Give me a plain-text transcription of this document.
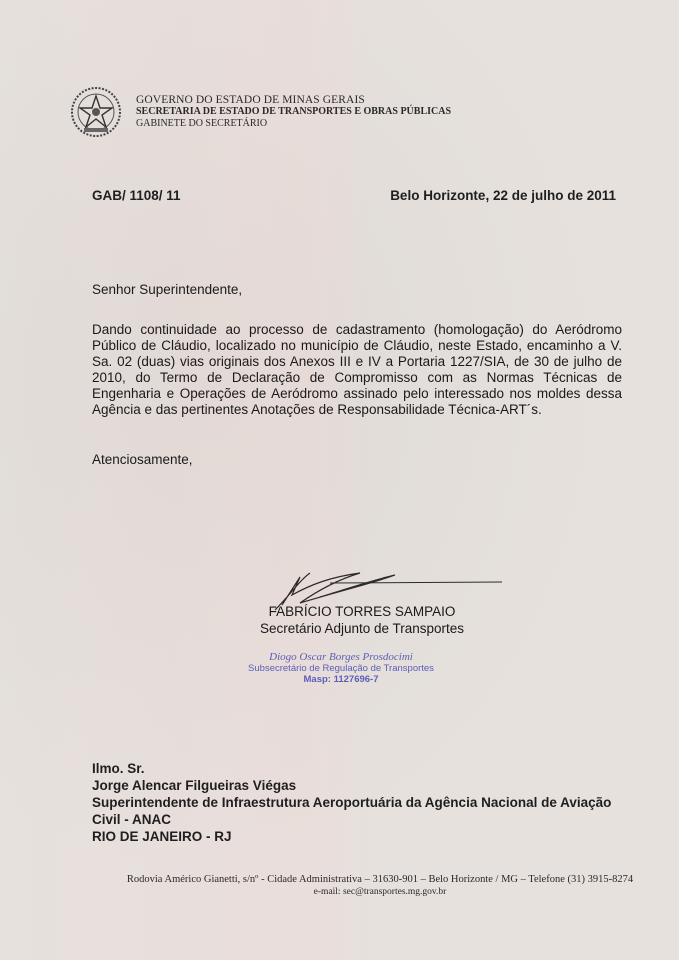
GOVERNO DO ESTADO DE MINAS GERAIS
SECRETARIA DE ESTADO DE TRANSPORTES E OBRAS PÚBLICAS
GABINETE DO SECRETÁRIO
GAB/ 1108/ 11	Belo Horizonte, 22 de julho de 2011
Senhor Superintendente,
Dando continuidade ao processo de cadastramento (homologação) do Aeródromo Público de Cláudio, localizado no município de Cláudio, neste Estado, encaminho a V. Sa. 02 (duas) vias originais dos Anexos III e IV a Portaria 1227/SIA, de 30 de julho de 2010, do Termo de Declaração de Compromisso com as Normas Técnicas de Engenharia e Operações de Aeródromo assinado pelo interessado nos moldes dessa Agência e das pertinentes Anotações de Responsabilidade Técnica-ART´s.
Atenciosamente,
FABRÍCIO TORRES SAMPAIO
Secretário Adjunto de Transportes
Diogo Oscar Borges Prosdocimi
Subsecretário de Regulação de Transportes
Masp: 1127696-7
Ilmo. Sr.
Jorge Alencar Filgueiras Viégas
Superintendente de Infraestrutura Aeroportuária da Agência Nacional de Aviação
Civil - ANAC
RIO DE JANEIRO - RJ
Rodovia Américo Gianetti, s/nº - Cidade Administrativa – 31630-901 – Belo Horizonte / MG – Telefone (31) 3915-8274
e-mail: sec@transportes.mg.gov.br
